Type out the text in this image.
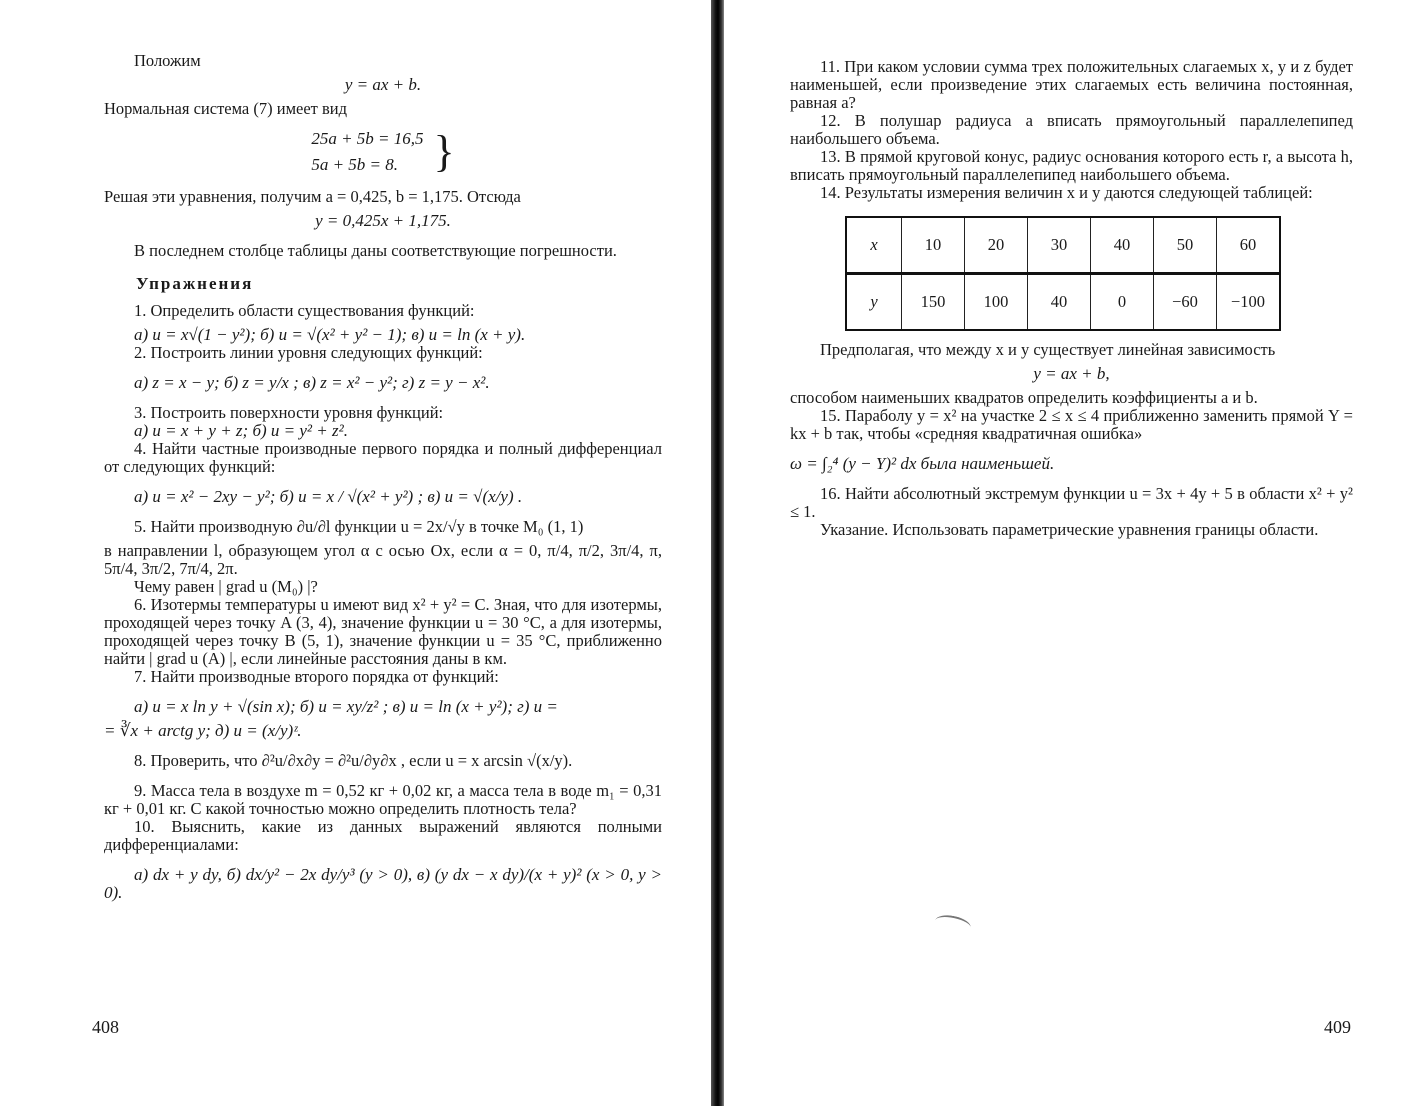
Положим

y = ax + b.

Нормальная система (7) имеет вид

25a + 5b = 16,5
5a + 5b = 8. }

Решая эти уравнения, получим a = 0,425, b = 1,175. Отсюда

y = 0,425x + 1,175.

В последнем столбце таблицы даны соответствующие погрешности.

Упражнения

1. Определить области существования функций:

а) u = x√(1 − y²); б) u = √(x² + y² − 1); в) u = ln (x + y).

2. Построить линии уровня следующих функций:

а) z = x − y; б) z = y/x ; в) z = x² − y²; г) z = y − x².

3. Построить поверхности уровня функций:

а) u = x + y + z; б) u = y² + z².

4. Найти частные производные первого порядка и полный дифференциал от следующих функций:

а) u = x² − 2xy − y²; б) u = x / √(x² + y²) ; в) u = √(x/y) .

5. Найти производную ∂u/∂l функции u = 2x/√y в точке M₀ (1, 1)

в направлении l, образующем угол α с осью Ox, если α = 0, π/4, π/2, 3π/4, π, 5π/4, 3π/2, 7π/4, 2π.

Чему равен | grad u (M₀) |?

6. Изотермы температуры u имеют вид x² + y² = C. Зная, что для изотермы, проходящей через точку A (3, 4), значение функции u = 30 °C, а для изотермы, проходящей через точку B (5, 1), значение функции u = 35 °C, приближенно найти | grad u (A) |, если линейные расстояния даны в км.

7. Найти производные второго порядка от функций:

а) u = x ln y + √(sin x); б) u = xy/z² ; в) u = ln (x + y²); г) u =

= ∛x + arctg y; д) u = (x/y)ᶻ.

8. Проверить, что ∂²u/∂x∂y = ∂²u/∂y∂x , если u = x arcsin √(x/y).

9. Масса тела в воздухе m = 0,52 кг + 0,02 кг, а масса тела в воде m₁ = 0,31 кг + 0,01 кг. С какой точностью можно определить плотность тела?

10. Выяснить, какие из данных выражений являются полными дифференциалами:

а) dx + y dy, б) dx/y² − 2x dy/y³ (y > 0), в) (y dx − x dy)/(x + y)² (x > 0, y > 0).

408

11. При каком условии сумма трех положительных слагаемых x, y и z будет наименьшей, если произведение этих слагаемых есть величина постоянная, равная a?

12. В полушар радиуса a вписать прямоугольный параллелепипед наибольшего объема.

13. В прямой круговой конус, радиус основания которого есть r, а высота h, вписать прямоугольный параллелепипед наибольшего объема.

14. Результаты измерения величин x и y даются следующей таблицей:

x	10	20	30	40	50	60
y	150	100	40	0	−60	−100

Предполагая, что между x и y существует линейная зависимость

y = ax + b,

способом наименьших квадратов определить коэффициенты a и b.

15. Параболу y = x² на участке 2 ≤ x ≤ 4 приближенно заменить прямой Y = kx + b так, чтобы «средняя квадратичная ошибка»

ω = ∫₂⁴ (y − Y)² dx была наименьшей.

16. Найти абсолютный экстремум функции u = 3x + 4y + 5 в области x² + y² ≤ 1.

Указание. Использовать параметрические уравнения границы области.

409
